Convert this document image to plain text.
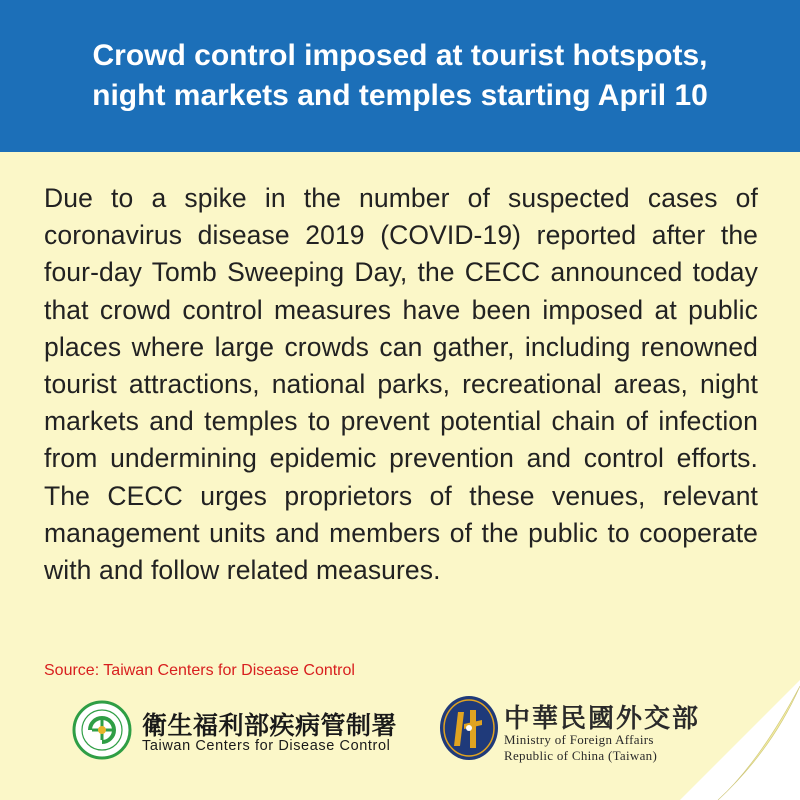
Crowd control imposed at tourist hotspots, night markets and temples starting April 10

Due to a spike in the number of suspected cases of coronavirus disease 2019 (COVID-19) reported after the four-day Tomb Sweeping Day, the CECC announced today that crowd control measures have been imposed at public places where large crowds can gather, including renowned tourist attractions, national parks, recreational areas, night markets and temples to prevent potential chain of infection from undermining epidemic prevention and control efforts. The CECC urges proprietors of these venues, relevant management units and members of the public to cooperate with and follow related measures.

Source: Taiwan Centers for Disease Control
衛生福利部疾病管制署
Taiwan Centers for Disease Control
中華民國外交部
Ministry of Foreign Affairs
Republic of China (Taiwan)
